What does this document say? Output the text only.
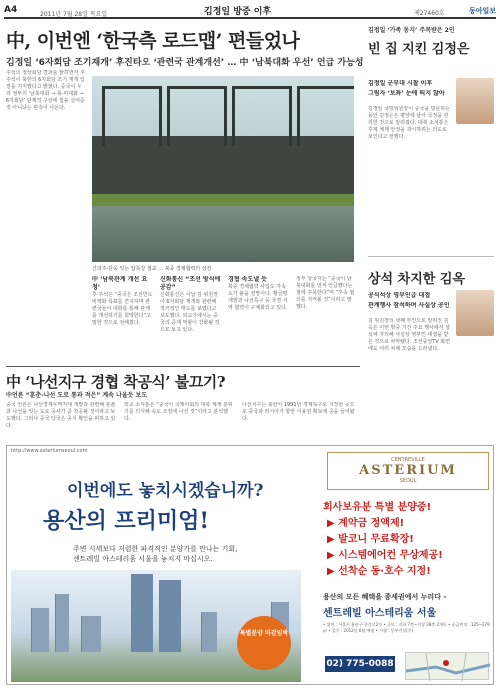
A4	2011년 7월 28일 목요일	김정일 방중 이후	제27460호	동아일보
中, 이번엔 ‘한국측 로드맵’ 편들었나
김정일 ‘6자회담 조기재개’ 후진타오 ‘관련국 관계개선’ … 中 ‘남북대화 우선’ 언급 가능성
주석의 정상회담 결과를 밝히면서 후 주석이 북한의 6자회담 조기 재개 입장을 지지했다고 밝혔다. 중국이 우리 정부의 ‘남북대화 → 북-미대화 → 6자회담’ 단계적 구상에 힘을 실어준 것 아니냐는 관측이 나온다.
신의주-단둥 잇는 압록강 철교 … 북중 경제협력의 상징
中 ‘남북관계 개선 요청’
후 주석은 “중국은 조선반도 비핵화 목표를 견지하며 관련국들이 대화를 통해 관계를 개선하기를 희망한다”고 말한 것으로 전해졌다.
신화통신 “조선 방식에 공감”
신화통신은 이날 김 위원장이 6자회담 재개와 관련해 적극적인 태도를 보였다고 보도했다. 외교가에서는 중국의 중재 역할이 강화될 것으로 보고 있다.
경협 속도낼 듯
북중 경제협력 사업도 가속도가 붙을 전망이다. 황금평 개발과 나선특구 등 국경 지역 협력이 구체화되고 있다.
정부 당국자는 “중국이 남북대화를 먼저 언급했다는 점에 주목한다”며 “후속 협의를 지켜볼 것”이라고 말했다.
김정일 ‘가족 동지’ 주목받은 2인
빈 집 지킨 김정은
김정일 군부대 시찰 이후
그림자 ‘보좌’ 눈에 띄지 않아
김정일 국방위원장이 중국을 방문하는 동안 김정은은 평양에 남아 국정을 관리한 것으로 알려졌다. 대북 소식통은 후계 체제 안정을 과시하려는 의도로 보인다고 전했다.
상석 차지한 김옥
공식석상 영부인급 대접
관계행사 참석하며 사실상 공인
김 위원장의 넷째 부인으로 알려진 김옥은 이번 방중 기간 주요 행사에서 상석에 자리해 사실상 영부인 대접을 받은 것으로 파악됐다. 조선중앙TV 화면에도 여러 차례 모습을 드러냈다.
中 ‘나선지구 경협 착공식’ 불끄기?
中언론 “훈춘-나선 도로 통과 적은” 계속 나올듯 보도
중국 언론은 나선경제무역지대 개발과 관련해 훈춘과 나선을 잇는 도로 공사가 곧 착공될 것이라고 보도했다. 그러나 중국 당국은 공식 확인을 피하고 있다.
외교 소식통은 “중국이 국제사회의 대북 제재 분위기를 의식해 속도 조절에 나선 것”이라고 분석했다.
나선지구는 북한이 1991년 경제특구로 지정한 곳으로 중국과 러시아가 항만 이용권 확보에 공을 들여왔다.
http://www.asteriumseoul.com
이번에도 놓치시겠습니까?
용산의 프리미엄!
주변 시세보다 저렴한 파격적인 분양가를 만나는 기회,
센트레빌 아스테리움 서울을 놓치지 마십시오.
특별분양 마감임박
CENTREVILLE
ASTERIUM
SEOUL
회사보유분 특별 분양중!
▶ 계약금 정액제!
▶ 발코니 무료확장!
▶ 시스템에어컨 무상제공!
▶ 선착순 동·호수 지정!
용산의 모든 혜택을 종세권에서 누리다 -
센트레빌 아스테리움 서울
• 위치 : 서울시 용산구 한강로2가 • 규모 : 지하 7층~지상 38층 2개동 • 공급면적 : 125~279㎡ • 입주 : 2012년 6월 예정 • 시행 : 동부건설(주)
02) 775-0088
